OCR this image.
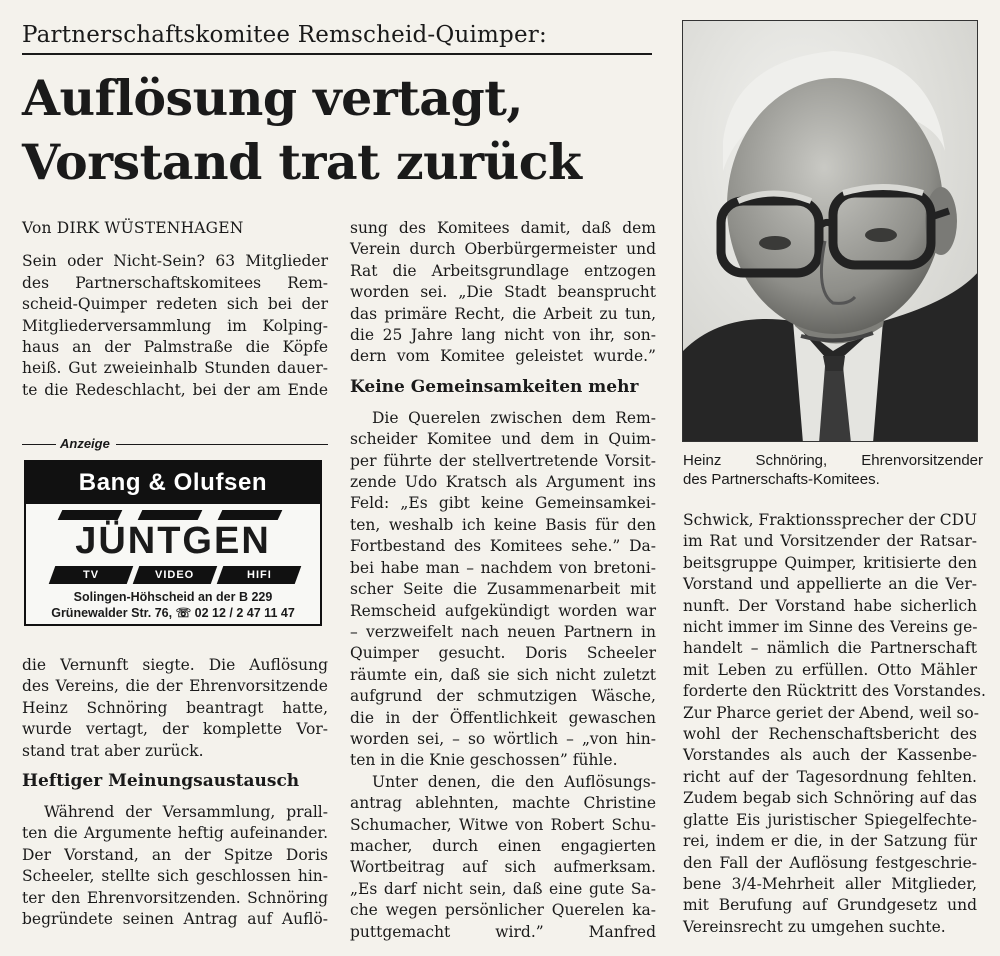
Partnerschaftskomitee Remscheid-Quimper:
Auflösung vertagt,
Vorstand trat zurück

Von DIRK WÜSTENHAGEN

Sein oder Nicht-Sein? 63 Mitglieder
des Partnerschaftskomitees Rem-
scheid-Quimper redeten sich bei der
Mitgliederversammlung im Kolping-
haus an der Palmstraße die Köpfe
heiß. Gut zweieinhalb Stunden dauer-
te die Redeschlacht, bei der am Ende

die Vernunft siegte. Die Auflösung
des Vereins, die der Ehrenvorsitzende
Heinz Schnöring beantragt hatte,
wurde vertagt, der komplette Vor-
stand trat aber zurück.

Heftiger Meinungsaustausch

Während der Versammlung, prall-
ten die Argumente heftig aufeinander.
Der Vorstand, an der Spitze Doris
Scheeler, stellte sich geschlossen hin-
ter den Ehrenvorsitzenden. Schnöring
begründete seinen Antrag auf Auflö-

Anzeige
Bang & Olufsen
JÜNTGEN
TV	VIDEO	HIFI
Solingen-Höhscheid an der B 229
Grünewalder Str. 76, ☏ 02 12 / 2 47 11 47

sung des Komitees damit, daß dem
Verein durch Oberbürgermeister und
Rat die Arbeitsgrundlage entzogen
worden sei. „Die Stadt beansprucht
das primäre Recht, die Arbeit zu tun,
die 25 Jahre lang nicht von ihr, son-
dern vom Komitee geleistet wurde.”

Keine Gemeinsamkeiten mehr

Die Querelen zwischen dem Rem-
scheider Komitee und dem in Quim-
per führte der stellvertretende Vorsit-
zende Udo Kratsch als Argument ins
Feld: „Es gibt keine Gemeinsamkei-
ten, weshalb ich keine Basis für den
Fortbestand des Komitees sehe.” Da-
bei habe man – nachdem von bretoni-
scher Seite die Zusammenarbeit mit
Remscheid aufgekündigt worden war
– verzweifelt nach neuen Partnern in
Quimper gesucht. Doris Scheeler
räumte ein, daß sie sich nicht zuletzt
aufgrund der schmutzigen Wäsche,
die in der Öffentlichkeit gewaschen
worden sei, – so wörtlich – „von hin-
ten in die Knie geschossen” fühle.

Unter denen, die den Auflösungs-
antrag ablehnten, machte Christine
Schumacher, Witwe von Robert Schu-
macher, durch einen engagierten
Wortbeitrag auf sich aufmerksam.
„Es darf nicht sein, daß eine gute Sa-
che wegen persönlicher Querelen ka-
puttgemacht wird.” Manfred

Heinz Schnöring, Ehrenvorsitzender
des Partnerschafts-Komitees.

Schwick, Fraktionssprecher der CDU
im Rat und Vorsitzender der Ratsar-
beitsgruppe Quimper, kritisierte den
Vorstand und appellierte an die Ver-
nunft. Der Vorstand habe sicherlich
nicht immer im Sinne des Vereins ge-
handelt – nämlich die Partnerschaft
mit Leben zu erfüllen. Otto Mähler
forderte den Rücktritt des Vorstandes.
Zur Pharce geriet der Abend, weil so-
wohl der Rechenschaftsbericht des
Vorstandes als auch der Kassenbe-
richt auf der Tagesordnung fehlten.
Zudem begab sich Schnöring auf das
glatte Eis juristischer Spiegelfechte-
rei, indem er die, in der Satzung für
den Fall der Auflösung festgeschrie-
bene 3/4-Mehrheit aller Mitglieder,
mit Berufung auf Grundgesetz und
Vereinsrecht zu umgehen suchte.
